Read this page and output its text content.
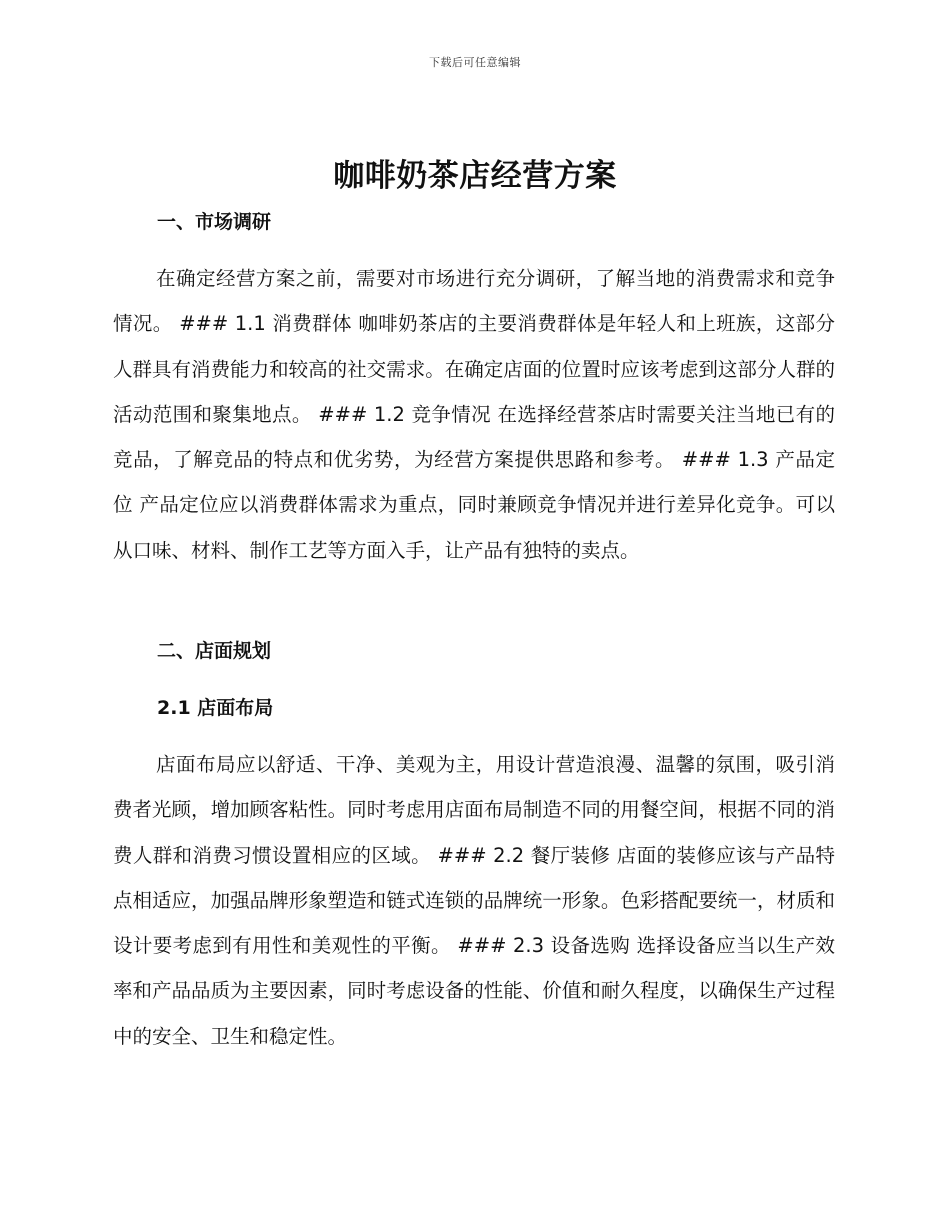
下载后可任意编辑
咖啡奶茶店经营方案
一、市场调研
在确定经营方案之前，需要对市场进行充分调研，了解当地的消费需求和竞争情况。 ### 1.1 消费群体 咖啡奶茶店的主要消费群体是年轻人和上班族，这部分人群具有消费能力和较高的社交需求。在确定店面的位置时应该考虑到这部分人群的活动范围和聚集地点。 ### 1.2 竞争情况 在选择经营茶店时需要关注当地已有的竞品，了解竞品的特点和优劣势，为经营方案提供思路和参考。 ### 1.3 产品定位 产品定位应以消费群体需求为重点，同时兼顾竞争情况并进行差异化竞争。可以从口味、材料、制作工艺等方面入手，让产品有独特的卖点。
二、店面规划
2.1 店面布局
店面布局应以舒适、干净、美观为主，用设计营造浪漫、温馨的氛围，吸引消费者光顾，增加顾客粘性。同时考虑用店面布局制造不同的用餐空间，根据不同的消费人群和消费习惯设置相应的区域。 ### 2.2 餐厅装修 店面的装修应该与产品特点相适应，加强品牌形象塑造和链式连锁的品牌统一形象。色彩搭配要统一，材质和设计要考虑到有用性和美观性的平衡。 ### 2.3 设备选购 选择设备应当以生产效率和产品品质为主要因素，同时考虑设备的性能、价值和耐久程度，以确保生产过程中的安全、卫生和稳定性。
